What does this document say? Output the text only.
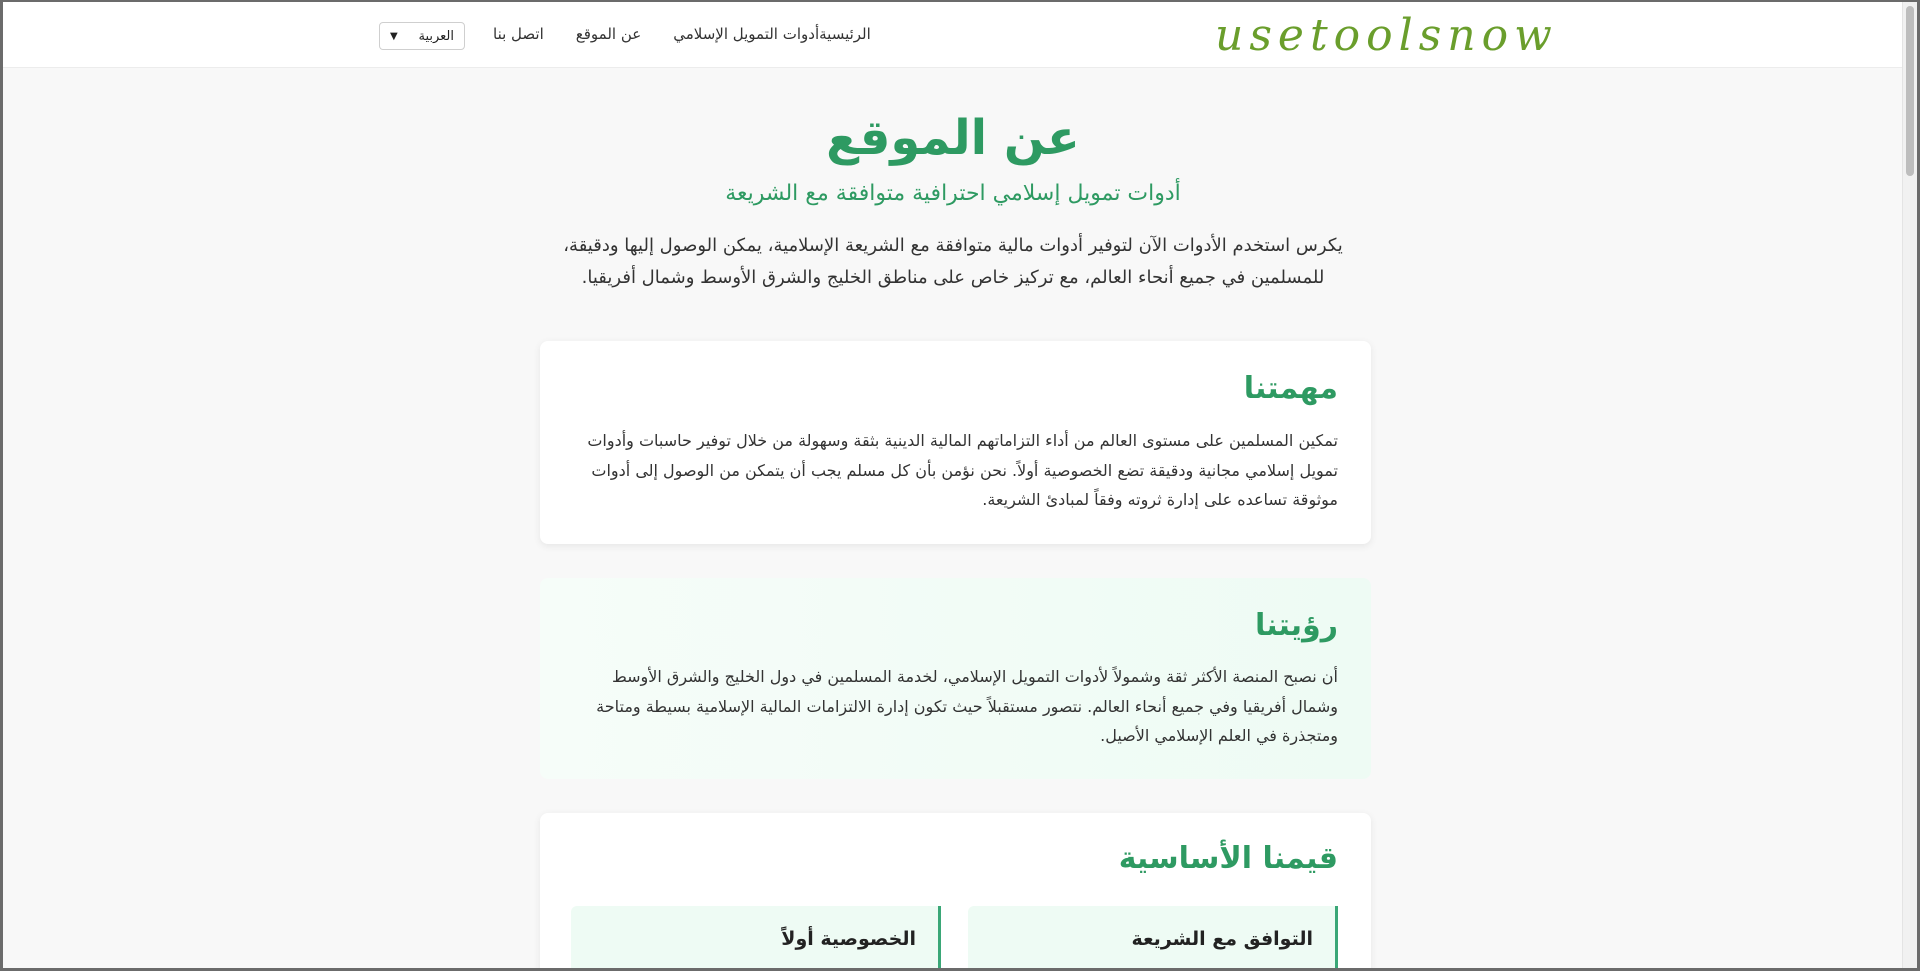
usetoolsnow
الرئيسية
أدوات التمويل الإسلامي
عن الموقع
اتصل بنا
العربية
▼
عن الموقع
أدوات تمويل إسلامي احترافية متوافقة مع الشريعة

يكرس استخدم الأدوات الآن لتوفير أدوات مالية متوافقة مع الشريعة الإسلامية، يمكن الوصول إليها ودقيقة، للمسلمين في جميع أنحاء العالم، مع تركيز خاص على مناطق الخليج والشرق الأوسط وشمال أفريقيا.

مهمتنا

تمكين المسلمين على مستوى العالم من أداء التزاماتهم المالية الدينية بثقة وسهولة من خلال توفير حاسبات وأدوات تمويل إسلامي مجانية ودقيقة تضع الخصوصية أولاً. نحن نؤمن بأن كل مسلم يجب أن يتمكن من الوصول إلى أدوات موثوقة تساعده على إدارة ثروته وفقاً لمبادئ الشريعة.

رؤيتنا

أن نصبح المنصة الأكثر ثقة وشمولاً لأدوات التمويل الإسلامي، لخدمة المسلمين في دول الخليج والشرق الأوسط وشمال أفريقيا وفي جميع أنحاء العالم. نتصور مستقبلاً حيث تكون إدارة الالتزامات المالية الإسلامية بسيطة ومتاحة ومتجذرة في العلم الإسلامي الأصيل.

قيمنا الأساسية
التوافق مع الشريعة
الخصوصية أولاً
